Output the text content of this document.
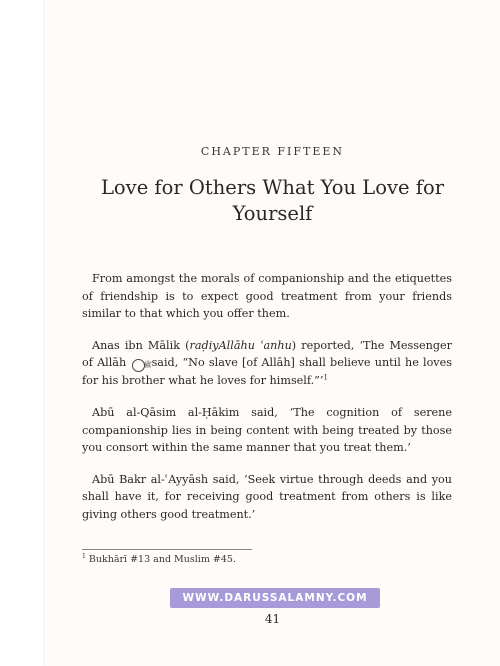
CHAPTER FIFTEEN
Love for Others What You Love for
Yourself

From amongst the morals of companionship and the etiquettes of friendship is to expect good treatment from your friends similar to that which you offer them.

Anas ibn Mālik (raḍiyAllāhu ʿanhu) reported, ‘The Messenger of Allāh ﷺ said, “No slave [of Allāh] shall believe until he loves for his brother what he loves for himself.”’$^1$

Abū al-Qāsim al-Ḥākim said, ‘The cognition of serene companionship lies in being content with being treated by those you consort within the same manner that you treat them.’

Abū Bakr al-ʿAyyāsh said, ‘Seek virtue through deeds and you shall have it, for receiving good treatment from others is like giving others good treatment.’

$^1$ Bukhārī #13 and Muslim #45.
WWW.DARUSSALAMNY.COM
41
